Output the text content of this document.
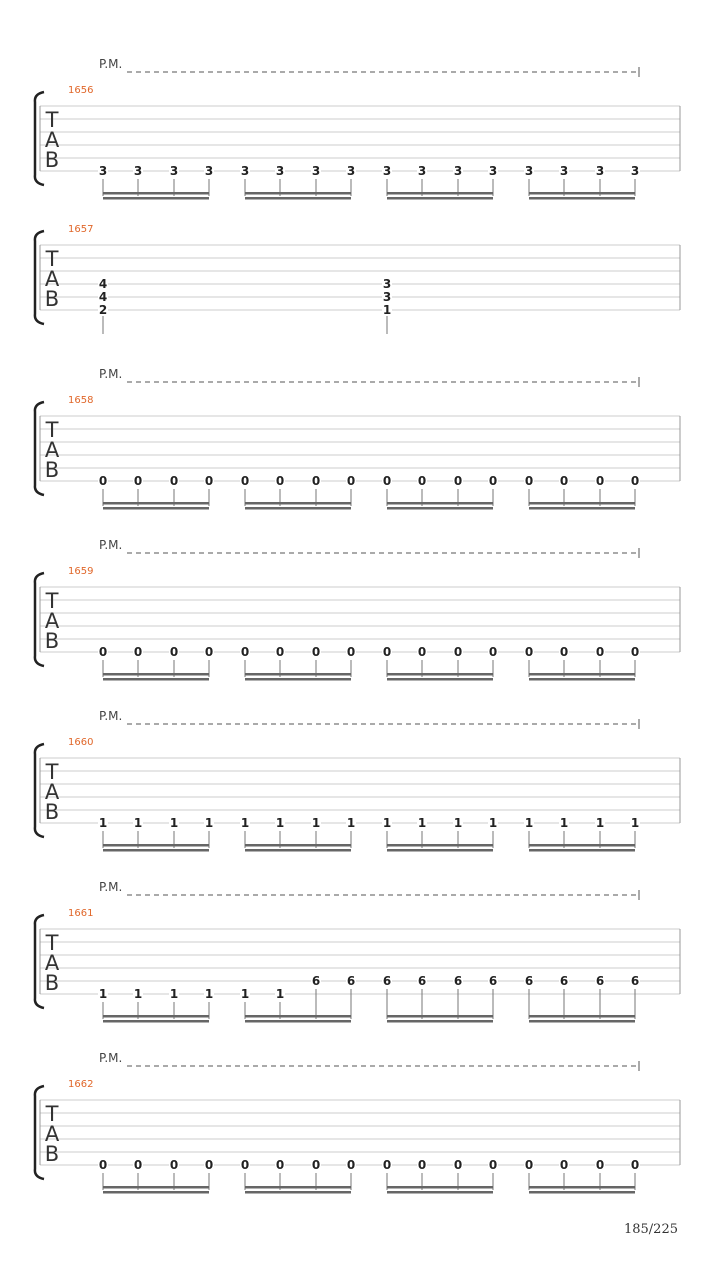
P.M.
1656
T
A
B	3 3 3 3 3 3 3 3 3 3 3 3 3 3 3 3
1657
T
A
B
4
4
2
3
3
1
P.M.
1658
T
A
B	0 0 0 0 0 0 0 0 0 0 0 0 0 0 0 0
P.M.
1659
T
A
B	0 0 0 0 0 0 0 0 0 0 0 0 0 0 0 0
P.M.
1660
T
A
B	1 1 1 1 1 1 1 1 1 1 1 1 1 1 1 1
P.M.
1661
T
A
B	1 1 1 1 1 1
6 6 6 6 6 6 6 6 6 6
P.M.
1662
T
A
B	0 0 0 0 0 0 0 0 0 0 0 0 0 0 0 0
185/225
